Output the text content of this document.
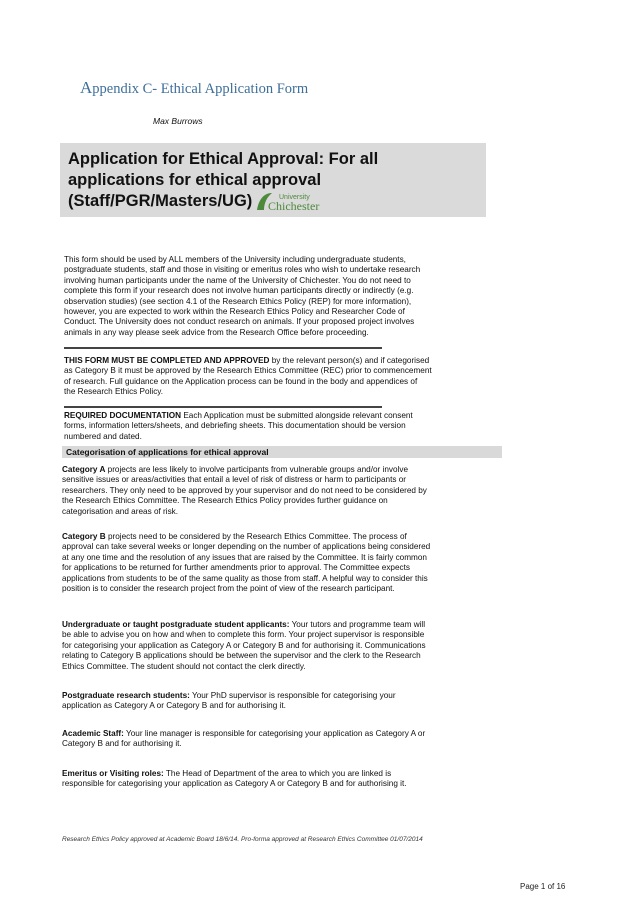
Appendix C- Ethical Application Form
Max Burrows
Application for Ethical Approval: For all
applications for ethical approval
(Staff/PGR/Masters/UG)	University
Chichester
This form should be used by ALL members of the University including undergraduate students,
postgraduate students, staff and those in visiting or emeritus roles who wish to undertake research
involving human participants under the name of the University of Chichester. You do not need to
complete this form if your research does not involve human participants directly or indirectly (e.g.
observation studies) (see section 4.1 of the Research Ethics Policy (REP) for more information),
however, you are expected to work within the Research Ethics Policy and Researcher Code of
Conduct. The University does not conduct research on animals. If your proposed project involves
animals in any way please seek advice from the Research Office before proceeding.
THIS FORM MUST BE COMPLETED AND APPROVED by the relevant person(s) and if categorised
as Category B it must be approved by the Research Ethics Committee (REC) prior to commencement
of research. Full guidance on the Application process can be found in the body and appendices of
the Research Ethics Policy.
REQUIRED DOCUMENTATION Each Application must be submitted alongside relevant consent
forms, information letters/sheets, and debriefing sheets. This documentation should be version
numbered and dated.
Categorisation of applications for ethical approval
Category A projects are less likely to involve participants from vulnerable groups and/or involve
sensitive issues or areas/activities that entail a level of risk of distress or harm to participants or
researchers. They only need to be approved by your supervisor and do not need to be considered by
the Research Ethics Committee. The Research Ethics Policy provides further guidance on
categorisation and areas of risk.
Category B projects need to be considered by the Research Ethics Committee. The process of
approval can take several weeks or longer depending on the number of applications being considered
at any one time and the resolution of any issues that are raised by the Committee. It is fairly common
for applications to be returned for further amendments prior to approval. The Committee expects
applications from students to be of the same quality as those from staff. A helpful way to consider this
position is to consider the research project from the point of view of the research participant.
Undergraduate or taught postgraduate student applicants: Your tutors and programme team will
be able to advise you on how and when to complete this form. Your project supervisor is responsible
for categorising your application as Category A or Category B and for authorising it. Communications
relating to Category B applications should be between the supervisor and the clerk to the Research
Ethics Committee. The student should not contact the clerk directly.
Postgraduate research students: Your PhD supervisor is responsible for categorising your
application as Category A or Category B and for authorising it.
Academic Staff: Your line manager is responsible for categorising your application as Category A or
Category B and for authorising it.
Emeritus or Visiting roles: The Head of Department of the area to which you are linked is
responsible for categorising your application as Category A or Category B and for authorising it.
Research Ethics Policy approved at Academic Board 18/6/14. Pro-forma approved at Research Ethics Committee 01/07/2014
Page 1 of 16
